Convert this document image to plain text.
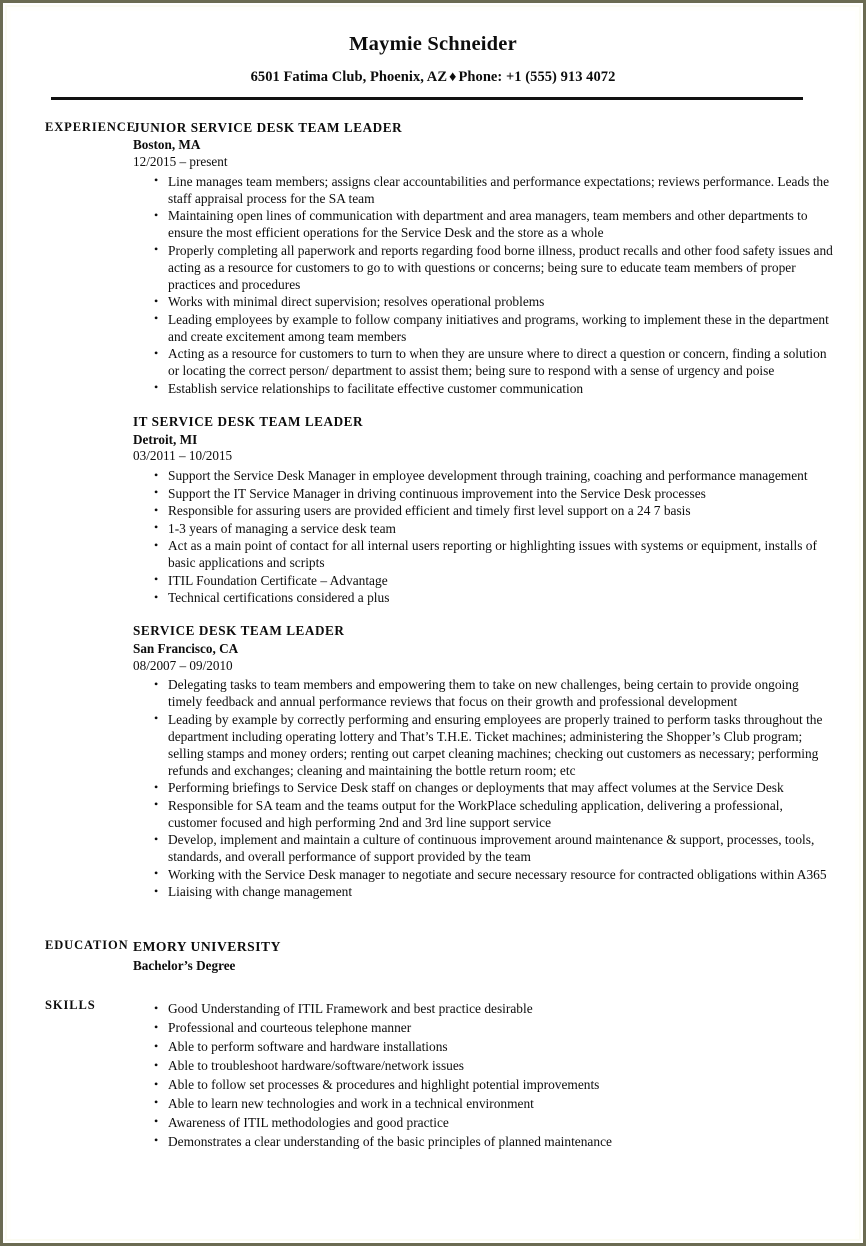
Maymie Schneider
6501 Fatima Club, Phoenix, AZ ♦ Phone: +1 (555) 913 4072
EXPERIENCE
JUNIOR SERVICE DESK TEAM LEADER
Boston, MA
12/2015 – present
• Line manages team members; assigns clear accountabilities and performance expectations; reviews performance. Leads the staff appraisal process for the SA team
• Maintaining open lines of communication with department and area managers, team members and other departments to ensure the most efficient operations for the Service Desk and the store as a whole
• Properly completing all paperwork and reports regarding food borne illness, product recalls and other food safety issues and acting as a resource for customers to go to with questions or concerns; being sure to educate team members of proper practices and procedures
• Works with minimal direct supervision; resolves operational problems
• Leading employees by example to follow company initiatives and programs, working to implement these in the department and create excitement among team members
• Acting as a resource for customers to turn to when they are unsure where to direct a question or concern, finding a solution or locating the correct person/ department to assist them; being sure to respond with a sense of urgency and poise
• Establish service relationships to facilitate effective customer communication
IT SERVICE DESK TEAM LEADER
Detroit, MI
03/2011 – 10/2015
• Support the Service Desk Manager in employee development through training, coaching and performance management
• Support the IT Service Manager in driving continuous improvement into the Service Desk processes
• Responsible for assuring users are provided efficient and timely first level support on a 24 7 basis
• 1-3 years of managing a service desk team
• Act as a main point of contact for all internal users reporting or highlighting issues with systems or equipment, installs of basic applications and scripts
• ITIL Foundation Certificate – Advantage
• Technical certifications considered a plus
SERVICE DESK TEAM LEADER
San Francisco, CA
08/2007 – 09/2010
• Delegating tasks to team members and empowering them to take on new challenges, being certain to provide ongoing timely feedback and annual performance reviews that focus on their growth and professional development
• Leading by example by correctly performing and ensuring employees are properly trained to perform tasks throughout the department including operating lottery and That’s T.H.E. Ticket machines; administering the Shopper’s Club program; selling stamps and money orders; renting out carpet cleaning machines; checking out customers as necessary; performing refunds and exchanges; cleaning and maintaining the bottle return room; etc
• Performing briefings to Service Desk staff on changes or deployments that may affect volumes at the Service Desk
• Responsible for SA team and the teams output for the WorkPlace scheduling application, delivering a professional, customer focused and high performing 2nd and 3rd line support service
• Develop, implement and maintain a culture of continuous improvement around maintenance & support, processes, tools, standards, and overall performance of support provided by the team
• Working with the Service Desk manager to negotiate and secure necessary resource for contracted obligations within A365
• Liaising with change management
EDUCATION EMORY UNIVERSITY
Bachelor’s Degree
SKILLS	• Good Understanding of ITIL Framework and best practice desirable
• Professional and courteous telephone manner
• Able to perform software and hardware installations
• Able to troubleshoot hardware/software/network issues
• Able to follow set processes & procedures and highlight potential improvements
• Able to learn new technologies and work in a technical environment
• Awareness of ITIL methodologies and good practice
• Demonstrates a clear understanding of the basic principles of planned maintenance
